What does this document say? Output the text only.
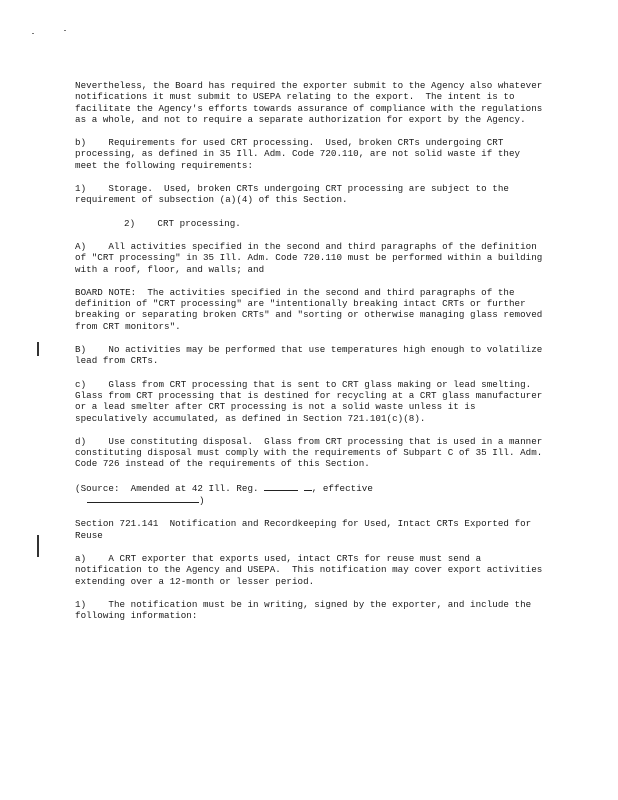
Nevertheless, the Board has required the exporter submit to the Agency also whatever notifications it must submit to USEPA relating to the export.  The intent is to facilitate the Agency's efforts towards assurance of compliance with the regulations as a whole, and not to require a separate authorization for export by the Agency.

b)    Requirements for used CRT processing.  Used, broken CRTs undergoing CRT processing, as defined in 35 Ill. Adm. Code 720.110, are not solid waste if they meet the following requirements:

1)    Storage.  Used, broken CRTs undergoing CRT processing are subject to the requirement of subsection (a)(4) of this Section.

2)    CRT processing.

A)    All activities specified in the second and third paragraphs of the definition of "CRT processing" in 35 Ill. Adm. Code 720.110 must be performed within a building with a roof, floor, and walls; and

BOARD NOTE:  The activities specified in the second and third paragraphs of the definition of "CRT processing" are "intentionally breaking intact CRTs or further breaking or separating broken CRTs" and "sorting or otherwise managing glass removed from CRT monitors".

B)    No activities may be performed that use temperatures high enough to volatilize lead from CRTs.

c)    Glass from CRT processing that is sent to CRT glass making or lead smelting.  Glass from CRT processing that is destined for recycling at a CRT glass manufacturer or a lead smelter after CRT processing is not a solid waste unless it is speculatively accumulated, as defined in Section 721.101(c)(8).

d)    Use constituting disposal.  Glass from CRT processing that is used in a manner constituting disposal must comply with the requirements of Subpart C of 35 Ill. Adm. Code 726 instead of the requirements of this Section.

(Source:  Amended at 42 Ill. Reg.	, effective
)

Section 721.141  Notification and Recordkeeping for Used, Intact CRTs Exported for Reuse

a)    A CRT exporter that exports used, intact CRTs for reuse must send a notification to the Agency and USEPA.  This notification may cover export activities extending over a 12-month or lesser period.

1)    The notification must be in writing, signed by the exporter, and include the following information:
